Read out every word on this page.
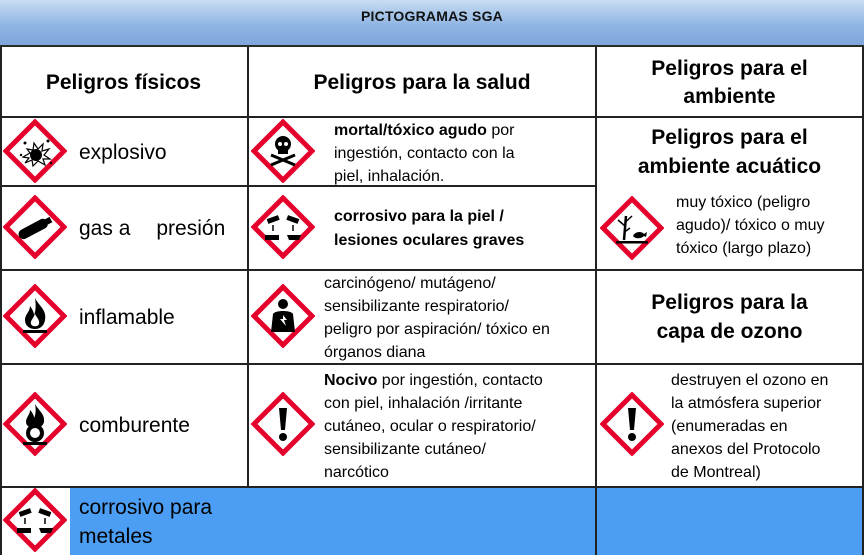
PICTOGRAMAS SGA
Peligros físicos	Peligros para la salud
Peligros para el
ambiente
explosivo
gas a presión
inflamable
comburente
corrosivo para
metales
mortal/tóxico agudo por
ingestión, contacto con la
piel, inhalación.
corrosivo para la piel /
lesiones oculares graves
carcinógeno/ mutágeno/
sensibilizante respiratorio/
peligro por aspiración/ tóxico en
órganos diana
Nocivo por ingestión, contacto
con piel, inhalación /irritante
cutáneo, ocular o respiratorio/
sensibilizante cutáneo/
narcótico
Peligros para el
ambiente acuático
muy tóxico (peligro
agudo)/ tóxico o muy
tóxico (largo plazo)
Peligros para la
capa de ozono
destruyen el ozono en
la atmósfera superior
(enumeradas en
anexos del Protocolo
de Montreal)
